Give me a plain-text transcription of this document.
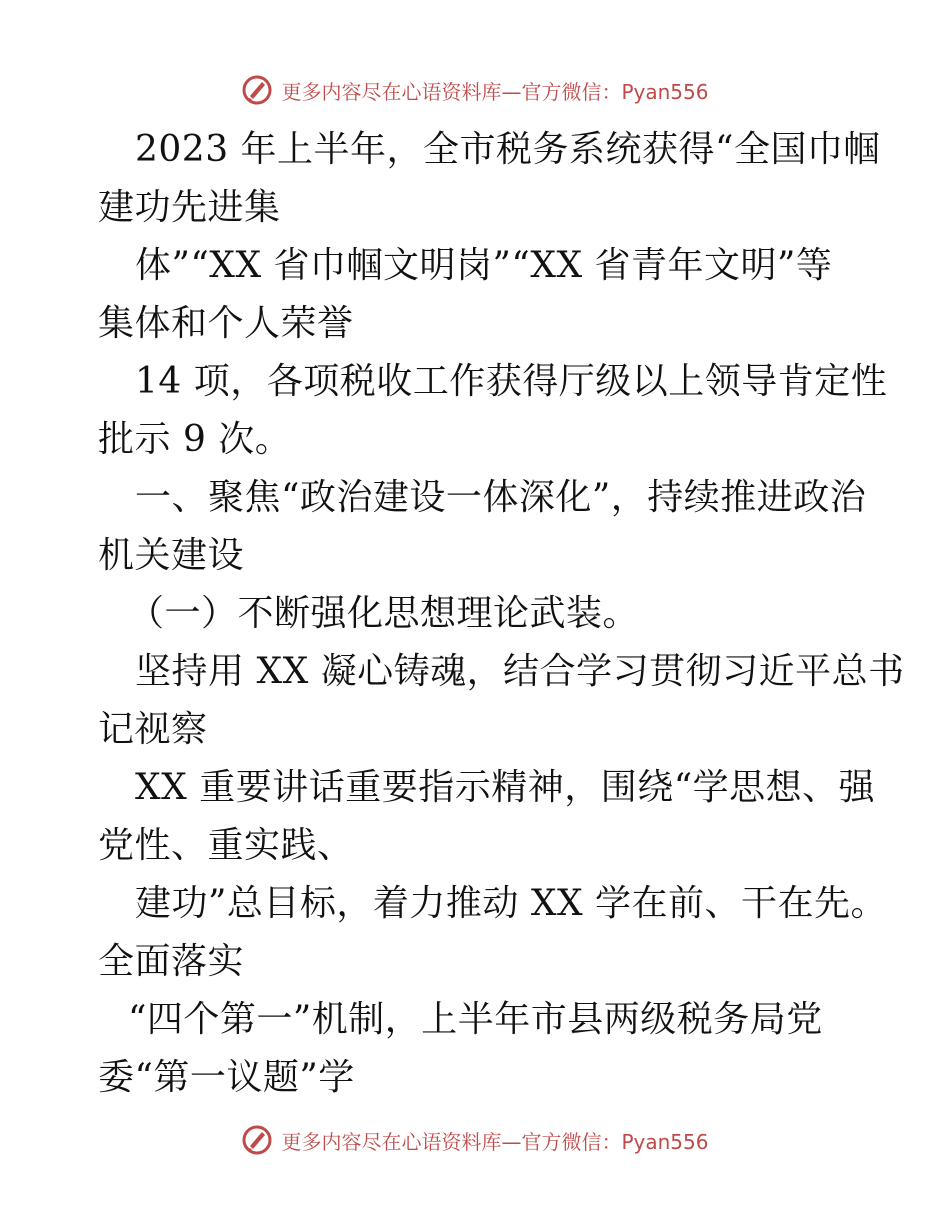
更多内容尽在心语资料库—官方微信：Pyan556
2023 年上半年，全市税务系统获得“全国巾帼
建功先进集
体”“XX 省巾帼文明岗”“XX 省青年文明”等
集体和个人荣誉
14 项，各项税收工作获得厅级以上领导肯定性
批示 9 次。
一、聚焦“政治建设一体深化”，持续推进政治
机关建设
（一）不断强化思想理论武装。
坚持用 XX 凝心铸魂，结合学习贯彻习近平总书
记视察
XX 重要讲话重要指示精神，围绕“学思想、强
党性、重实践、
建功”总目标，着力推动 XX 学在前、干在先。
全面落实
“四个第一”机制，上半年市县两级税务局党
委“第一议题”学
更多内容尽在心语资料库—官方微信：Pyan556
